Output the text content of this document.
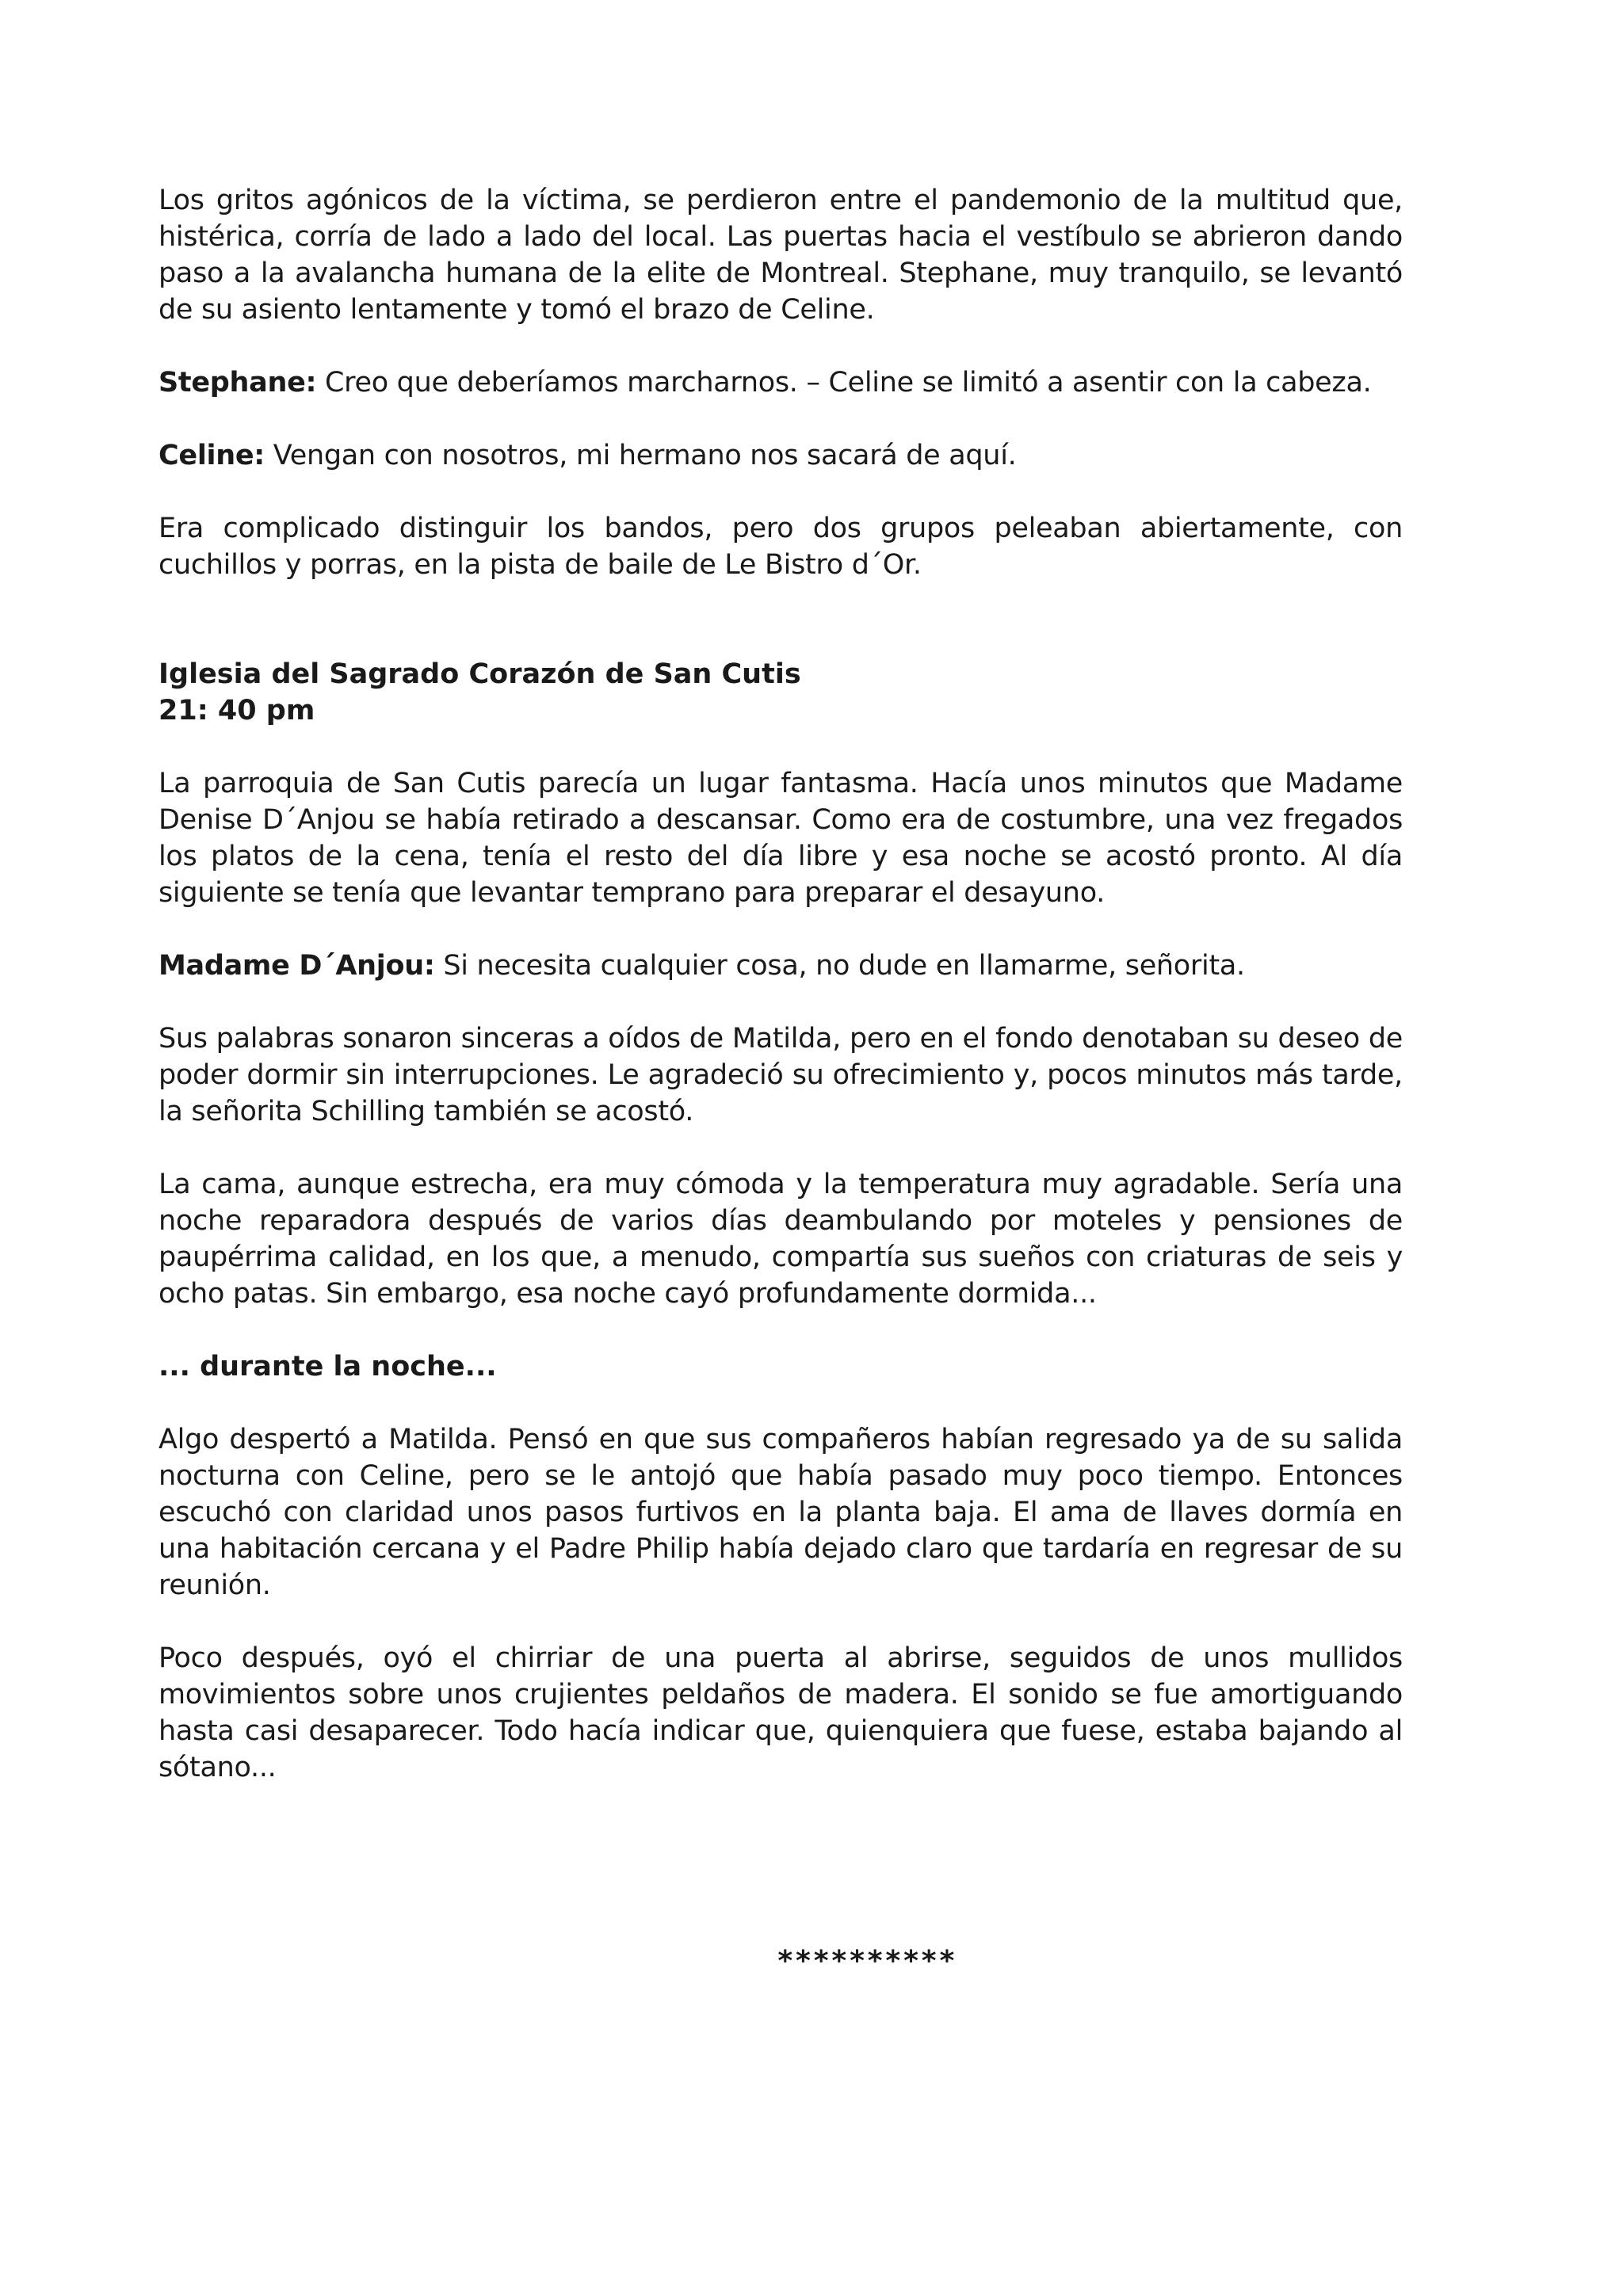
Los gritos agónicos de la víctima, se perdieron entre el pandemonio de la multitud que, histérica, corría de lado a lado del local. Las puertas hacia el vestíbulo se abrieron dando paso a la avalancha humana de la elite de Montreal. Stephane, muy tranquilo, se levantó de su asiento lentamente y tomó el brazo de Celine.

Stephane: Creo que deberíamos marcharnos. – Celine se limitó a asentir con la cabeza.

Celine: Vengan con nosotros, mi hermano nos sacará de aquí.

Era complicado distinguir los bandos, pero dos grupos peleaban abiertamente, con cuchillos y porras, en la pista de baile de Le Bistro d´Or.

Iglesia del Sagrado Corazón de San Cutis
21: 40 pm

La parroquia de San Cutis parecía un lugar fantasma. Hacía unos minutos que Madame Denise D´Anjou se había retirado a descansar. Como era de costumbre, una vez fregados los platos de la cena, tenía el resto del día libre y esa noche se acostó pronto. Al día siguiente se tenía que levantar temprano para preparar el desayuno.

Madame D´Anjou: Si necesita cualquier cosa, no dude en llamarme, señorita.

Sus palabras sonaron sinceras a oídos de Matilda, pero en el fondo denotaban su deseo de poder dormir sin interrupciones. Le agradeció su ofrecimiento y, pocos minutos más tarde, la señorita Schilling también se acostó.

La cama, aunque estrecha, era muy cómoda y la temperatura muy agradable. Sería una noche reparadora después de varios días deambulando por moteles y pensiones de paupérrima calidad, en los que, a menudo, compartía sus sueños con criaturas de seis y ocho patas. Sin embargo, esa noche cayó profundamente dormida...

... durante la noche...

Algo despertó a Matilda. Pensó en que sus compañeros habían regresado ya de su salida nocturna con Celine, pero se le antojó que había pasado muy poco tiempo. Entonces escuchó con claridad unos pasos furtivos en la planta baja. El ama de llaves dormía en una habitación cercana y el Padre Philip había dejado claro que tardaría en regresar de su reunión.

Poco después, oyó el chirriar de una puerta al abrirse, seguidos de unos mullidos movimientos sobre unos crujientes peldaños de madera. El sonido se fue amortiguando hasta casi desaparecer. Todo hacía indicar que, quienquiera que fuese, estaba bajando al sótano...

**********
